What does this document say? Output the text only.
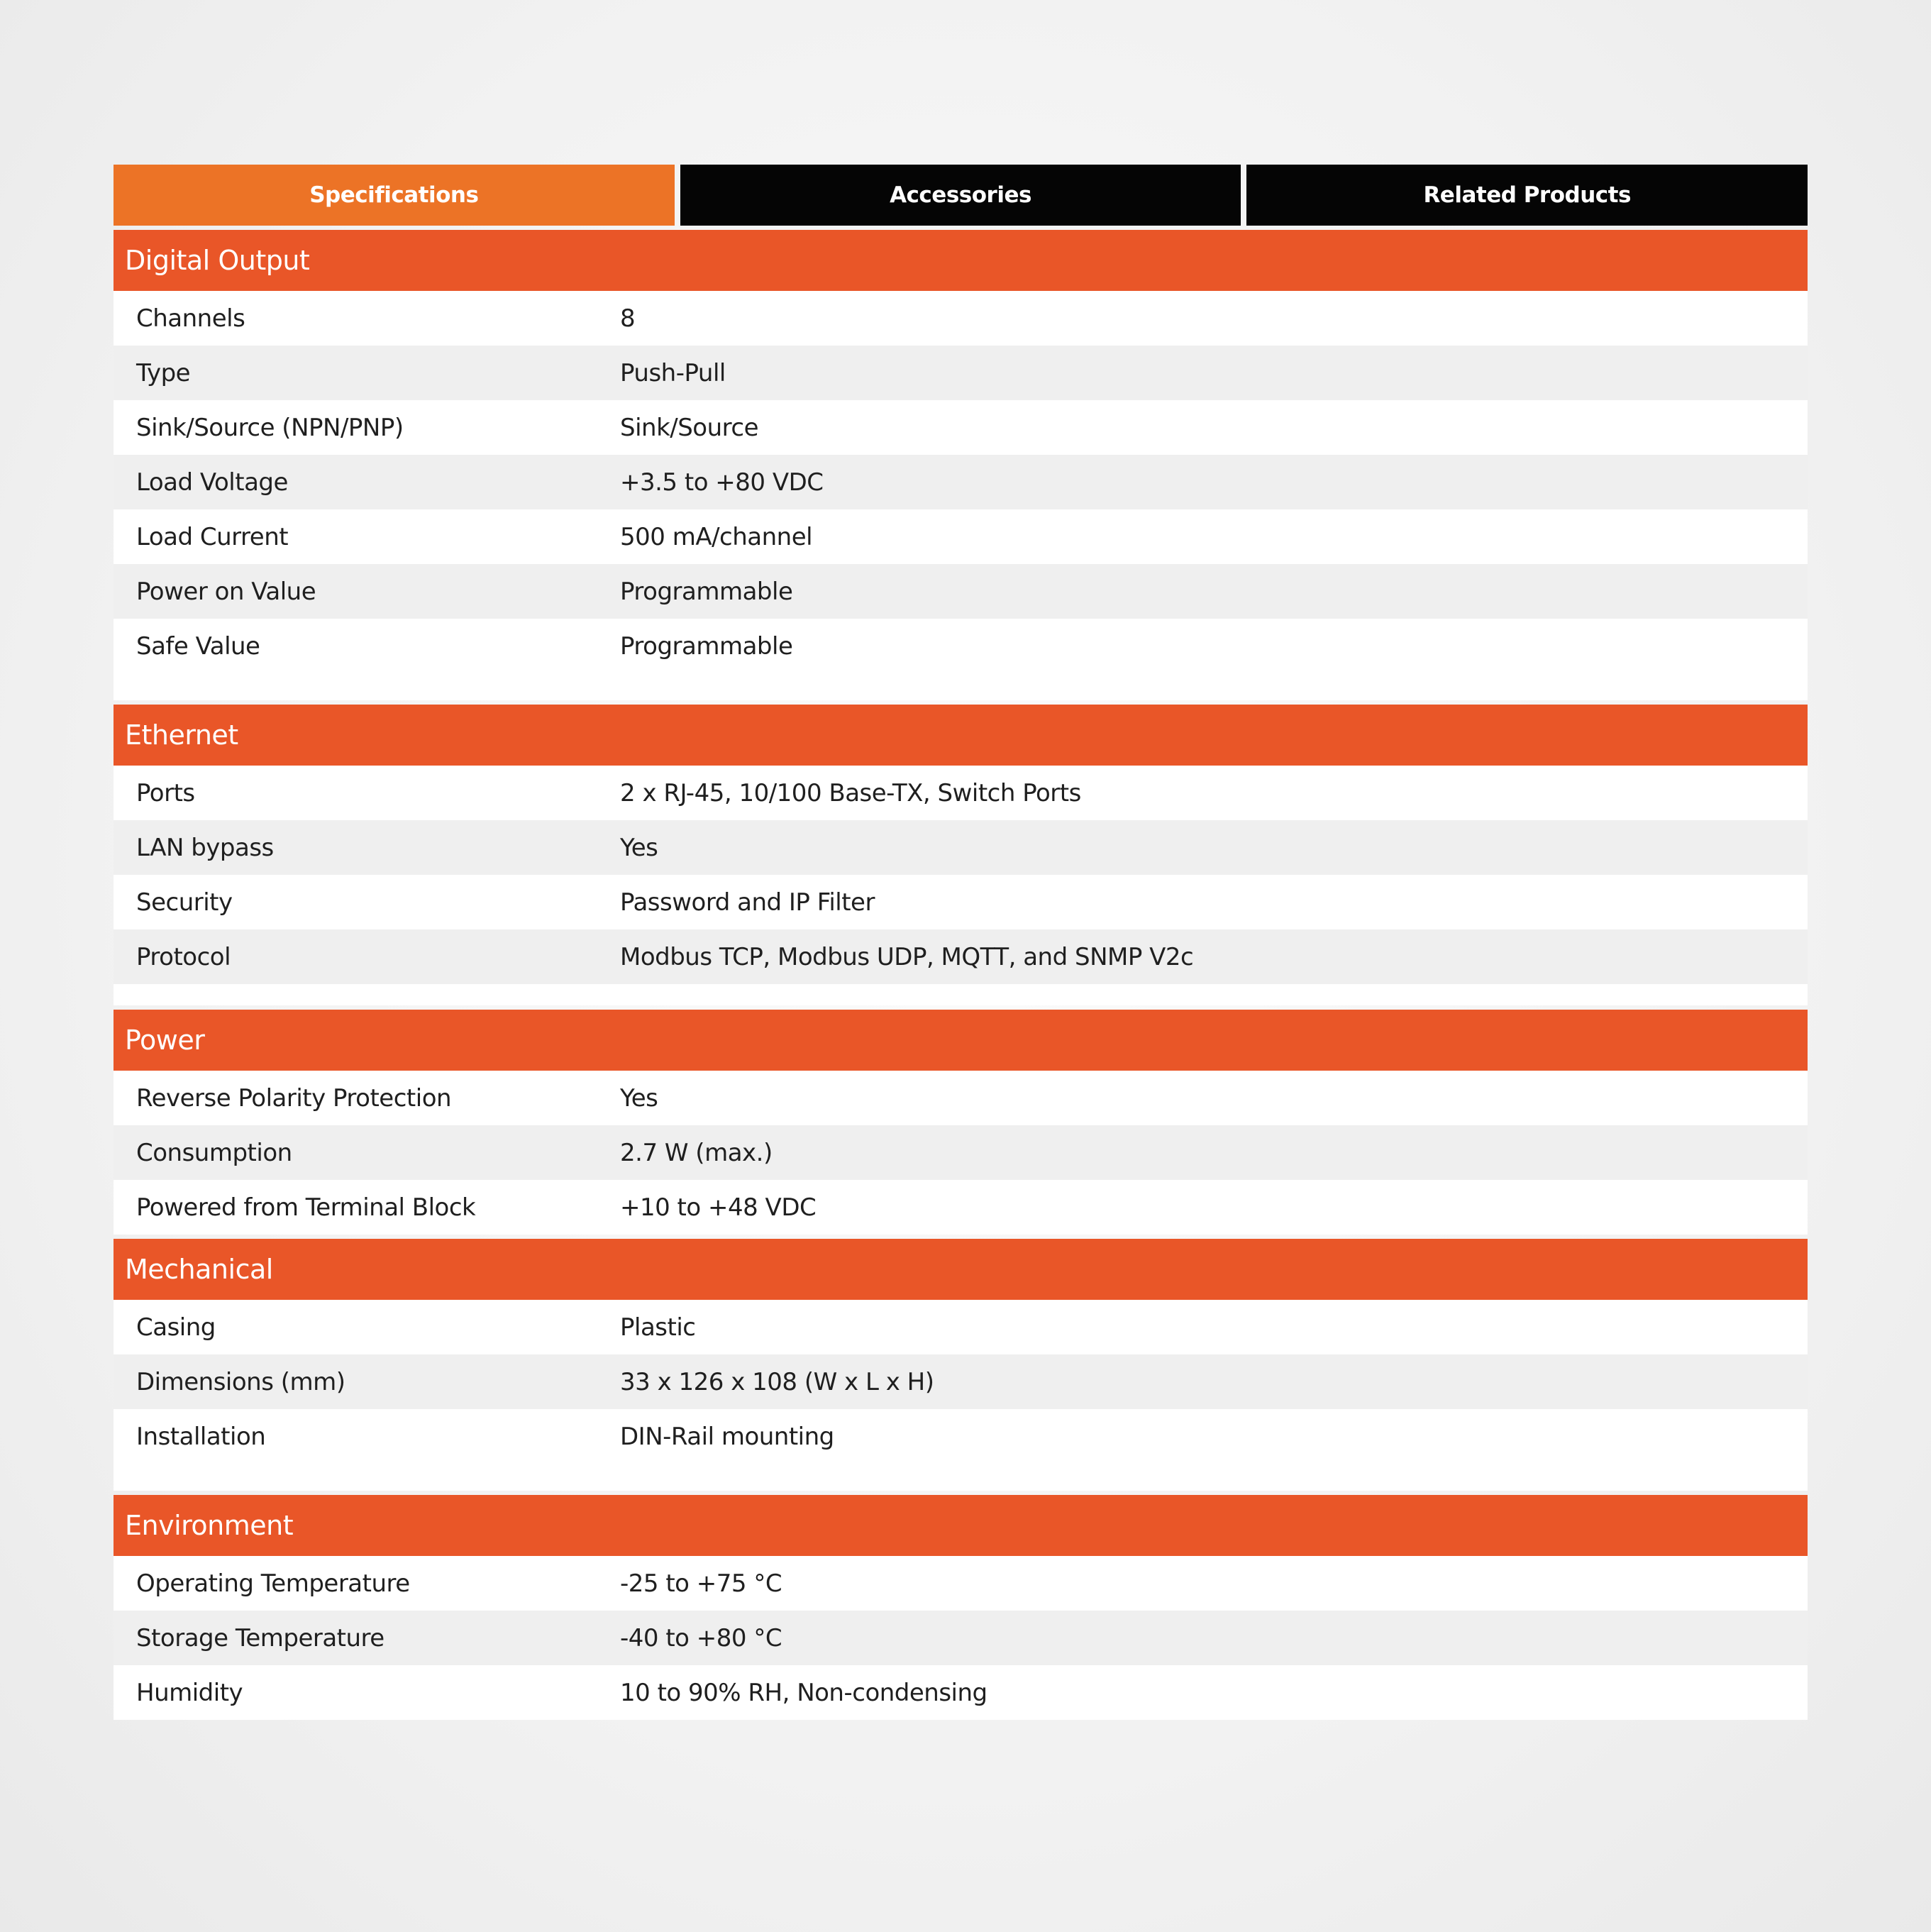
Specifications	Accessories	Related Products
Digital Output
Channels	8
Type	Push-Pull
Sink/Source (NPN/PNP)	Sink/Source
Load Voltage	+3.5 to +80 VDC
Load Current	500 mA/channel
Power on Value	Programmable
Safe Value	Programmable
Ethernet
Ports	2 x RJ-45, 10/100 Base-TX, Switch Ports
LAN bypass	Yes
Security	Password and IP Filter
Protocol	Modbus TCP, Modbus UDP, MQTT, and SNMP V2c
Power
Reverse Polarity Protection	Yes
Consumption	2.7 W (max.)
Powered from Terminal Block	+10 to +48 VDC
Mechanical
Casing	Plastic
Dimensions (mm)	33 x 126 x 108 (W x L x H)
Installation	DIN-Rail mounting
Environment
Operating Temperature	-25 to +75 °C
Storage Temperature	-40 to +80 °C
Humidity	10 to 90% RH, Non-condensing
